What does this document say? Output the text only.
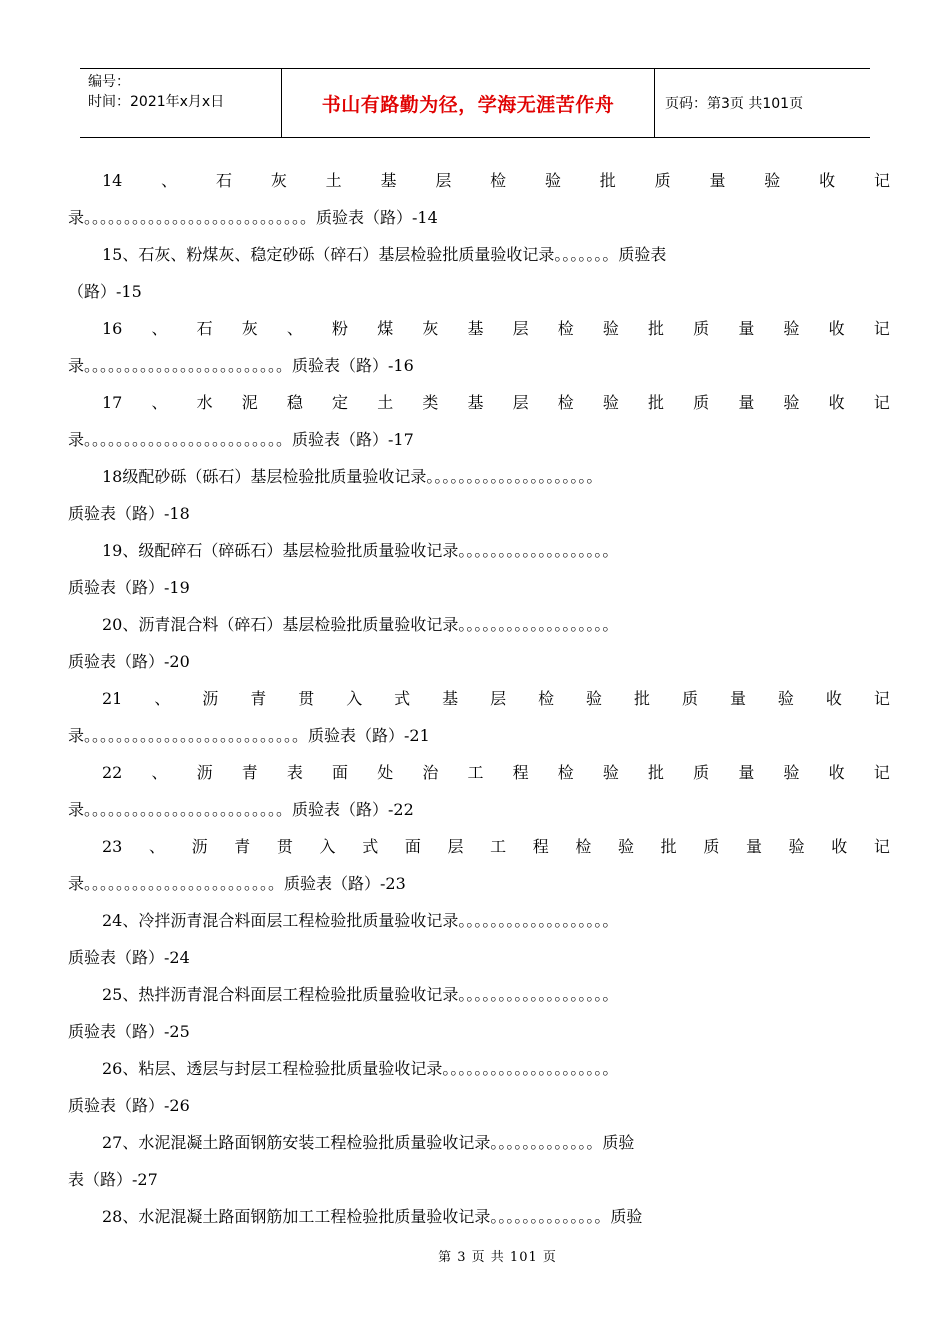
编号：
时间：2021年x月x日	书山有路勤为径，学海无涯苦作舟	页码：第3页 共101页
14 、 石 灰 土 基 层 检 验 批 质 量 验 收 记
录。。。。。。。。。。。。。。。。。。。。。。。。。。。。质验表（路）-14
15、石灰、粉煤灰、稳定砂砾（碎石）基层检验批质量验收记录。。。。。。。质验表
（路）-15
16 、 石 灰 、 粉 煤 灰 基 层 检 验 批 质 量 验 收 记
录。。。。。。。。。。。。。。。。。。。。。。。。。质验表（路）-16
17 、 水 泥 稳 定 土 类 基 层 检 验 批 质 量 验 收 记
录。。。。。。。。。。。。。。。。。。。。。。。。。质验表（路）-17
18级配砂砾（砾石）基层检验批质量验收记录。。。。。。。。。。。。。。。。。。。。。
质验表（路）-18
19、级配碎石（碎砾石）基层检验批质量验收记录。。。。。。。。。。。。。。。。。。。
质验表（路）-19
20、沥青混合料（碎石）基层检验批质量验收记录。。。。。。。。。。。。。。。。。。。
质验表（路）-20
21 、 沥 青 贯 入 式 基 层 检 验 批 质 量 验 收 记
录。。。。。。。。。。。。。。。。。。。。。。。。。。。质验表（路）-21
22 、 沥 青 表 面 处 治 工 程 检 验 批 质 量 验 收 记
录。。。。。。。。。。。。。。。。。。。。。。。。。质验表（路）-22
23 、 沥 青 贯 入 式 面 层 工 程 检 验 批 质 量 验 收 记
录。。。。。。。。。。。。。。。。。。。。。。。。质验表（路）-23
24、冷拌沥青混合料面层工程检验批质量验收记录。。。。。。。。。。。。。。。。。。。
质验表（路）-24
25、热拌沥青混合料面层工程检验批质量验收记录。。。。。。。。。。。。。。。。。。。
质验表（路）-25
26、粘层、透层与封层工程检验批质量验收记录。。。。。。。。。。。。。。。。。。。。。
质验表（路）-26
27、水泥混凝土路面钢筋安装工程检验批质量验收记录。。。。。。。。。。。。。质验
表（路）-27
28、水泥混凝土路面钢筋加工工程检验批质量验收记录。。。。。。。。。。。。。。质验
第 3 页 共 101 页
